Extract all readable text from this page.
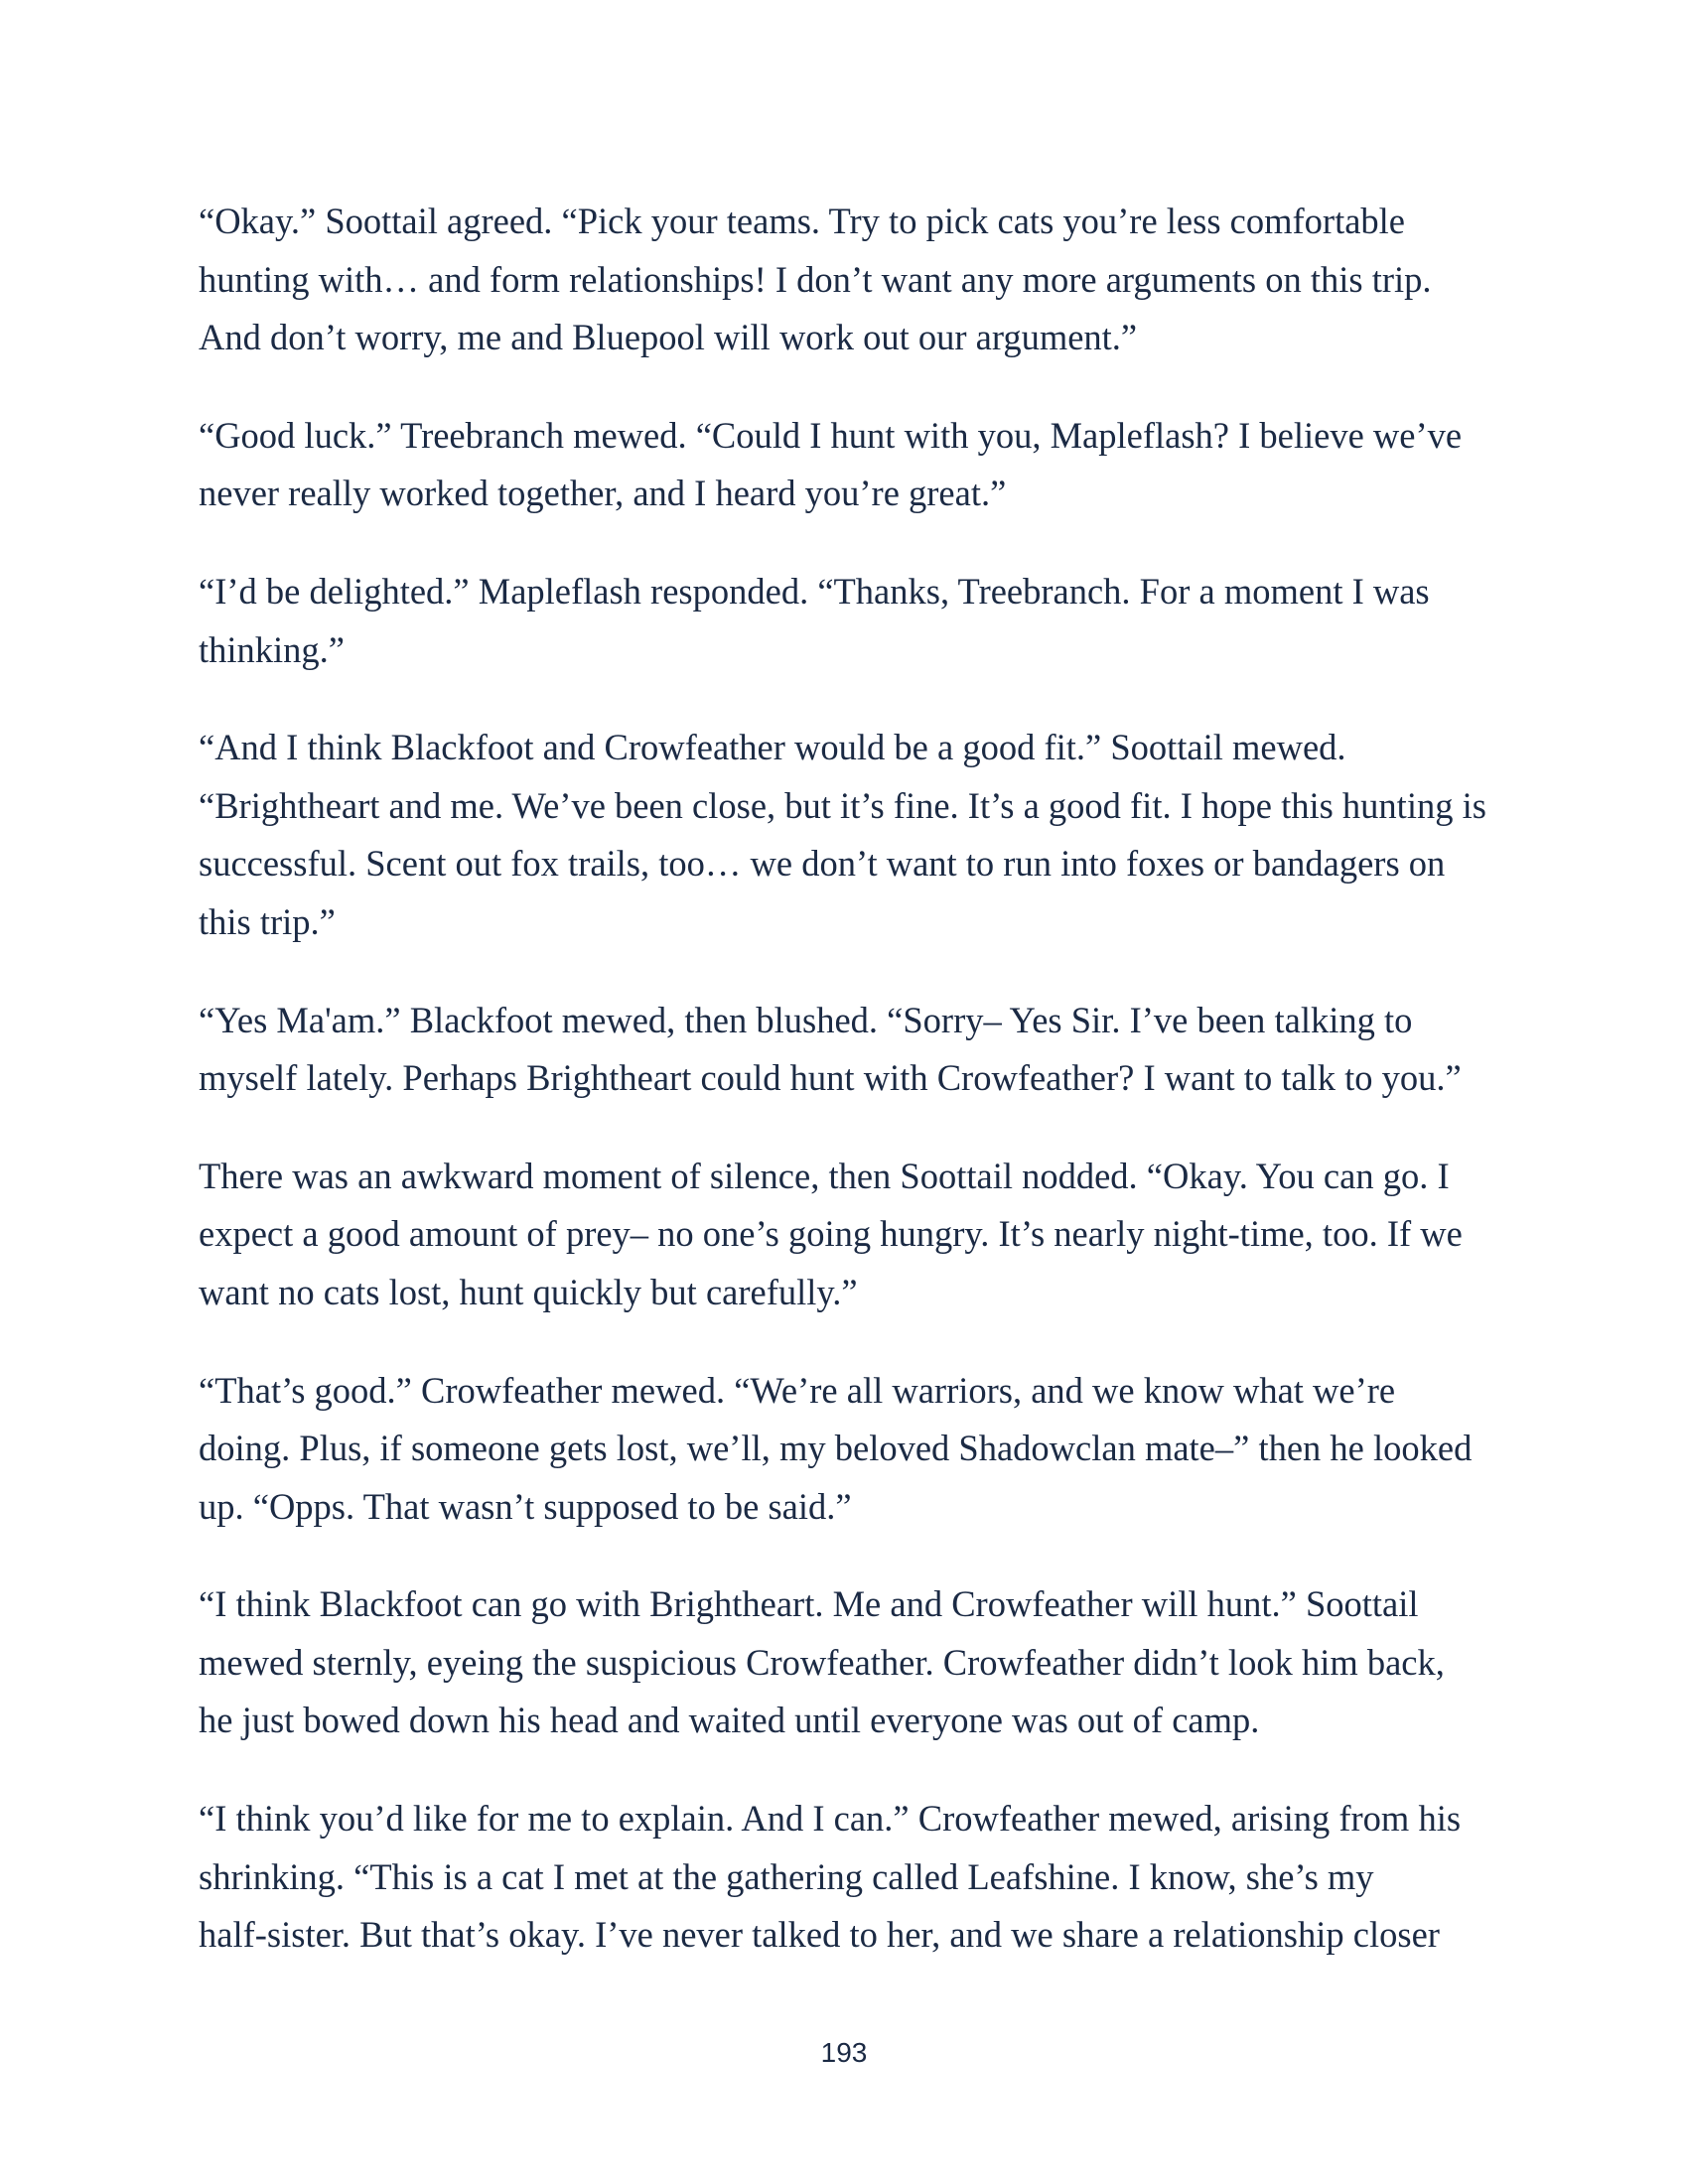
“Okay.” Soottail agreed. “Pick your teams. Try to pick cats you’re less comfortable
hunting with… and form relationships! I don’t want any more arguments on this trip.
And don’t worry, me and Bluepool will work out our argument.”

“Good luck.” Treebranch mewed. “Could I hunt with you, Mapleflash? I believe we’ve
never really worked together, and I heard you’re great.”

“I’d be delighted.” Mapleflash responded. “Thanks, Treebranch. For a moment I was
thinking.”

“And I think Blackfoot and Crowfeather would be a good fit.” Soottail mewed.
“Brightheart and me. We’ve been close, but it’s fine. It’s a good fit. I hope this hunting is
successful. Scent out fox trails, too… we don’t want to run into foxes or bandagers on
this trip.”

“Yes Ma'am.” Blackfoot mewed, then blushed. “Sorry– Yes Sir. I’ve been talking to
myself lately. Perhaps Brightheart could hunt with Crowfeather? I want to talk to you.”

There was an awkward moment of silence, then Soottail nodded. “Okay. You can go. I
expect a good amount of prey– no one’s going hungry. It’s nearly night-time, too. If we
want no cats lost, hunt quickly but carefully.”

“That’s good.” Crowfeather mewed. “We’re all warriors, and we know what we’re
doing. Plus, if someone gets lost, we’ll, my beloved Shadowclan mate–” then he looked
up. “Opps. That wasn’t supposed to be said.”

“I think Blackfoot can go with Brightheart. Me and Crowfeather will hunt.” Soottail
mewed sternly, eyeing the suspicious Crowfeather. Crowfeather didn’t look him back,
he just bowed down his head and waited until everyone was out of camp.

“I think you’d like for me to explain. And I can.” Crowfeather mewed, arising from his
shrinking. “This is a cat I met at the gathering called Leafshine. I know, she’s my
half-sister. But that’s okay. I’ve never talked to her, and we share a relationship closer

193
